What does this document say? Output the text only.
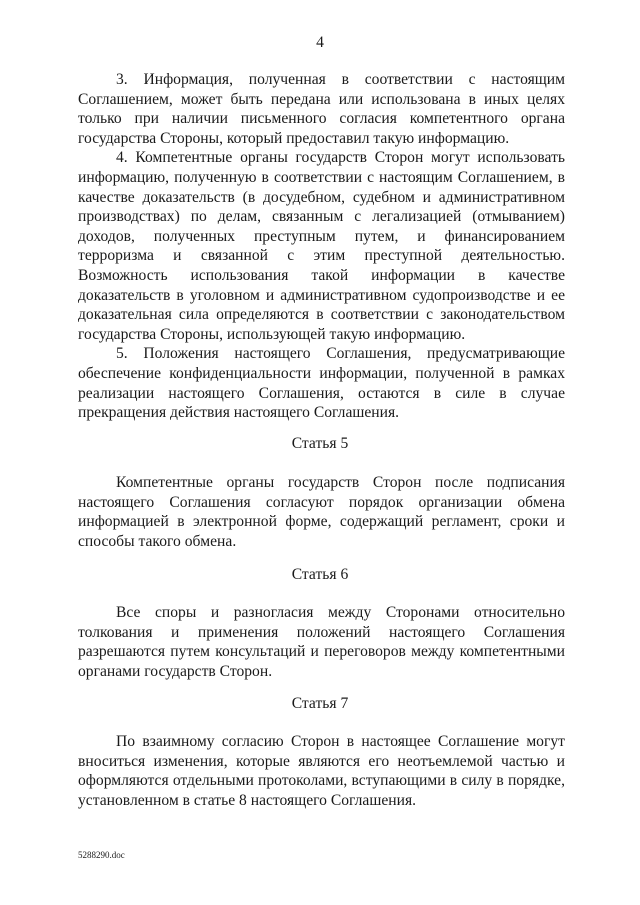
4

3. Информация, полученная в соответствии с настоящим Соглашением, может быть передана или использована в иных целях только при наличии письменного согласия компетентного органа государства Стороны, который предоставил такую информацию.

4. Компетентные органы государств Сторон могут использовать информацию, полученную в соответствии с настоящим Соглашением, в качестве доказательств (в досудебном, судебном и административном производствах) по делам, связанным с легализацией (отмыванием) доходов, полученных преступным путем, и финансированием терроризма и связанной с этим преступной деятельностью. Возможность использования такой информации в качестве доказательств в уголовном и административном судопроизводстве и ее доказательная сила определяются в соответствии с законодательством государства Стороны, использующей такую информацию.

5. Положения настоящего Соглашения, предусматривающие обеспечение конфиденциальности информации, полученной в рамках реализации настоящего Соглашения, остаются в силе в случае прекращения действия настоящего Соглашения.

Статья 5

Компетентные органы государств Сторон после подписания настоящего Соглашения согласуют порядок организации обмена информацией в электронной форме, содержащий регламент, сроки и способы такого обмена.

Статья 6

Все споры и разногласия между Сторонами относительно толкования и применения положений настоящего Соглашения разрешаются путем консультаций и переговоров между компетентными органами государств Сторон.

Статья 7

По взаимному согласию Сторон в настоящее Соглашение могут вноситься изменения, которые являются его неотъемлемой частью и оформляются отдельными протоколами, вступающими в силу в порядке, установленном в статье 8 настоящего Соглашения.

5288290.doc
